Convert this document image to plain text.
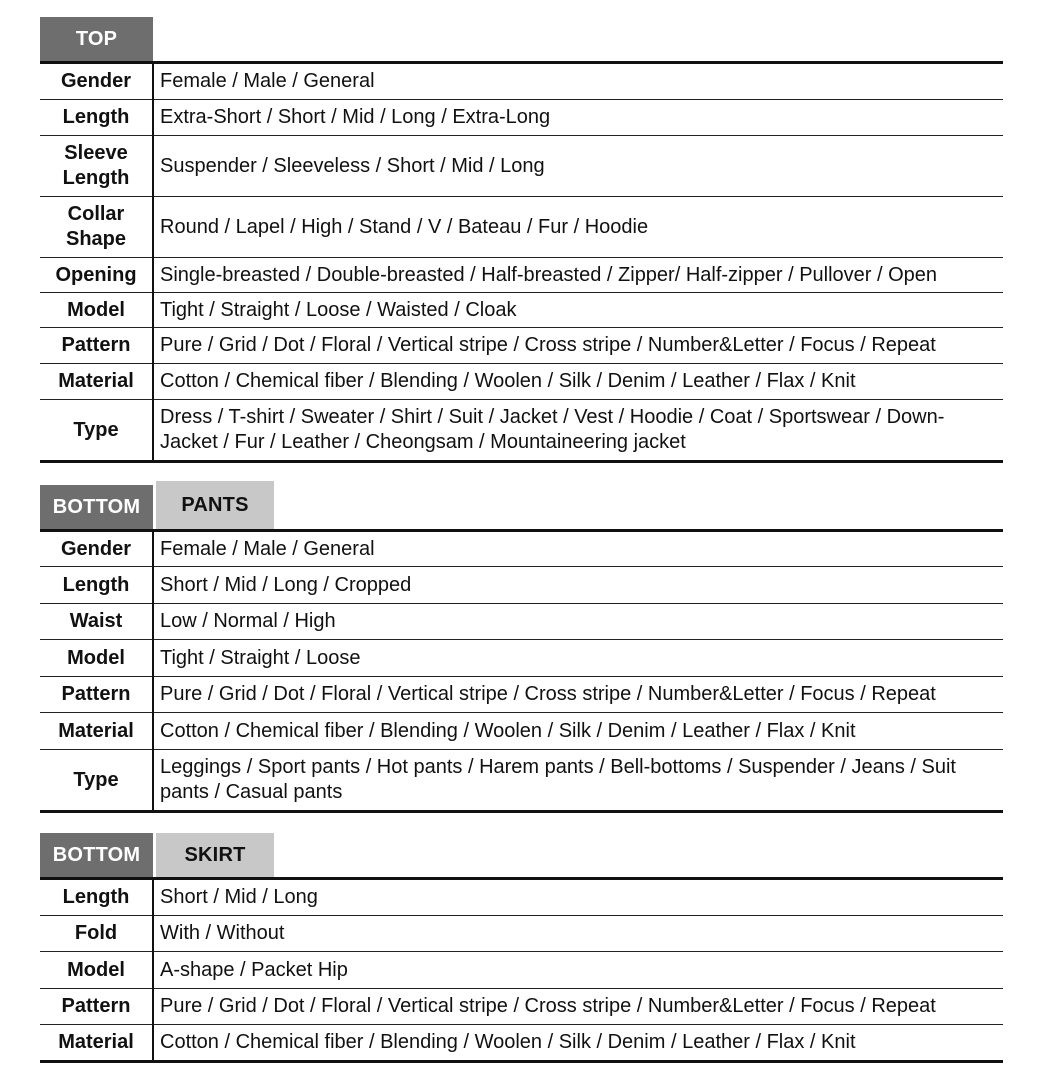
TOP
Gender	Female / Male / General
Length	Extra-Short / Short / Mid / Long / Extra-Long
Sleeve Length	Suspender / Sleeveless / Short / Mid / Long
Collar Shape	Round / Lapel / High / Stand / V / Bateau / Fur / Hoodie
Opening	Single-breasted / Double-breasted / Half-breasted / Zipper/ Half-zipper / Pullover / Open
Model	Tight / Straight / Loose / Waisted / Cloak
Pattern	Pure / Grid / Dot / Floral / Vertical stripe / Cross stripe / Number&Letter / Focus / Repeat
Material	Cotton / Chemical fiber / Blending / Woolen / Silk / Denim / Leather / Flax / Knit
Type	Dress / T-shirt / Sweater / Shirt / Suit / Jacket / Vest / Hoodie / Coat / Sportswear / Down-Jacket / Fur / Leather / Cheongsam / Mountaineering jacket
BOTTOM	PANTS
Gender	Female / Male / General
Length	Short / Mid / Long / Cropped
Waist	Low / Normal / High
Model	Tight / Straight / Loose
Pattern	Pure / Grid / Dot / Floral / Vertical stripe / Cross stripe / Number&Letter / Focus / Repeat
Material	Cotton / Chemical fiber / Blending / Woolen / Silk / Denim / Leather / Flax / Knit
Type	Leggings / Sport pants / Hot pants / Harem pants / Bell-bottoms / Suspender / Jeans / Suit pants / Casual pants
BOTTOM	SKIRT
Length	Short / Mid / Long
Fold	With / Without
Model	A-shape / Packet Hip
Pattern	Pure / Grid / Dot / Floral / Vertical stripe / Cross stripe / Number&Letter / Focus / Repeat
Material	Cotton / Chemical fiber / Blending / Woolen / Silk / Denim / Leather / Flax / Knit
